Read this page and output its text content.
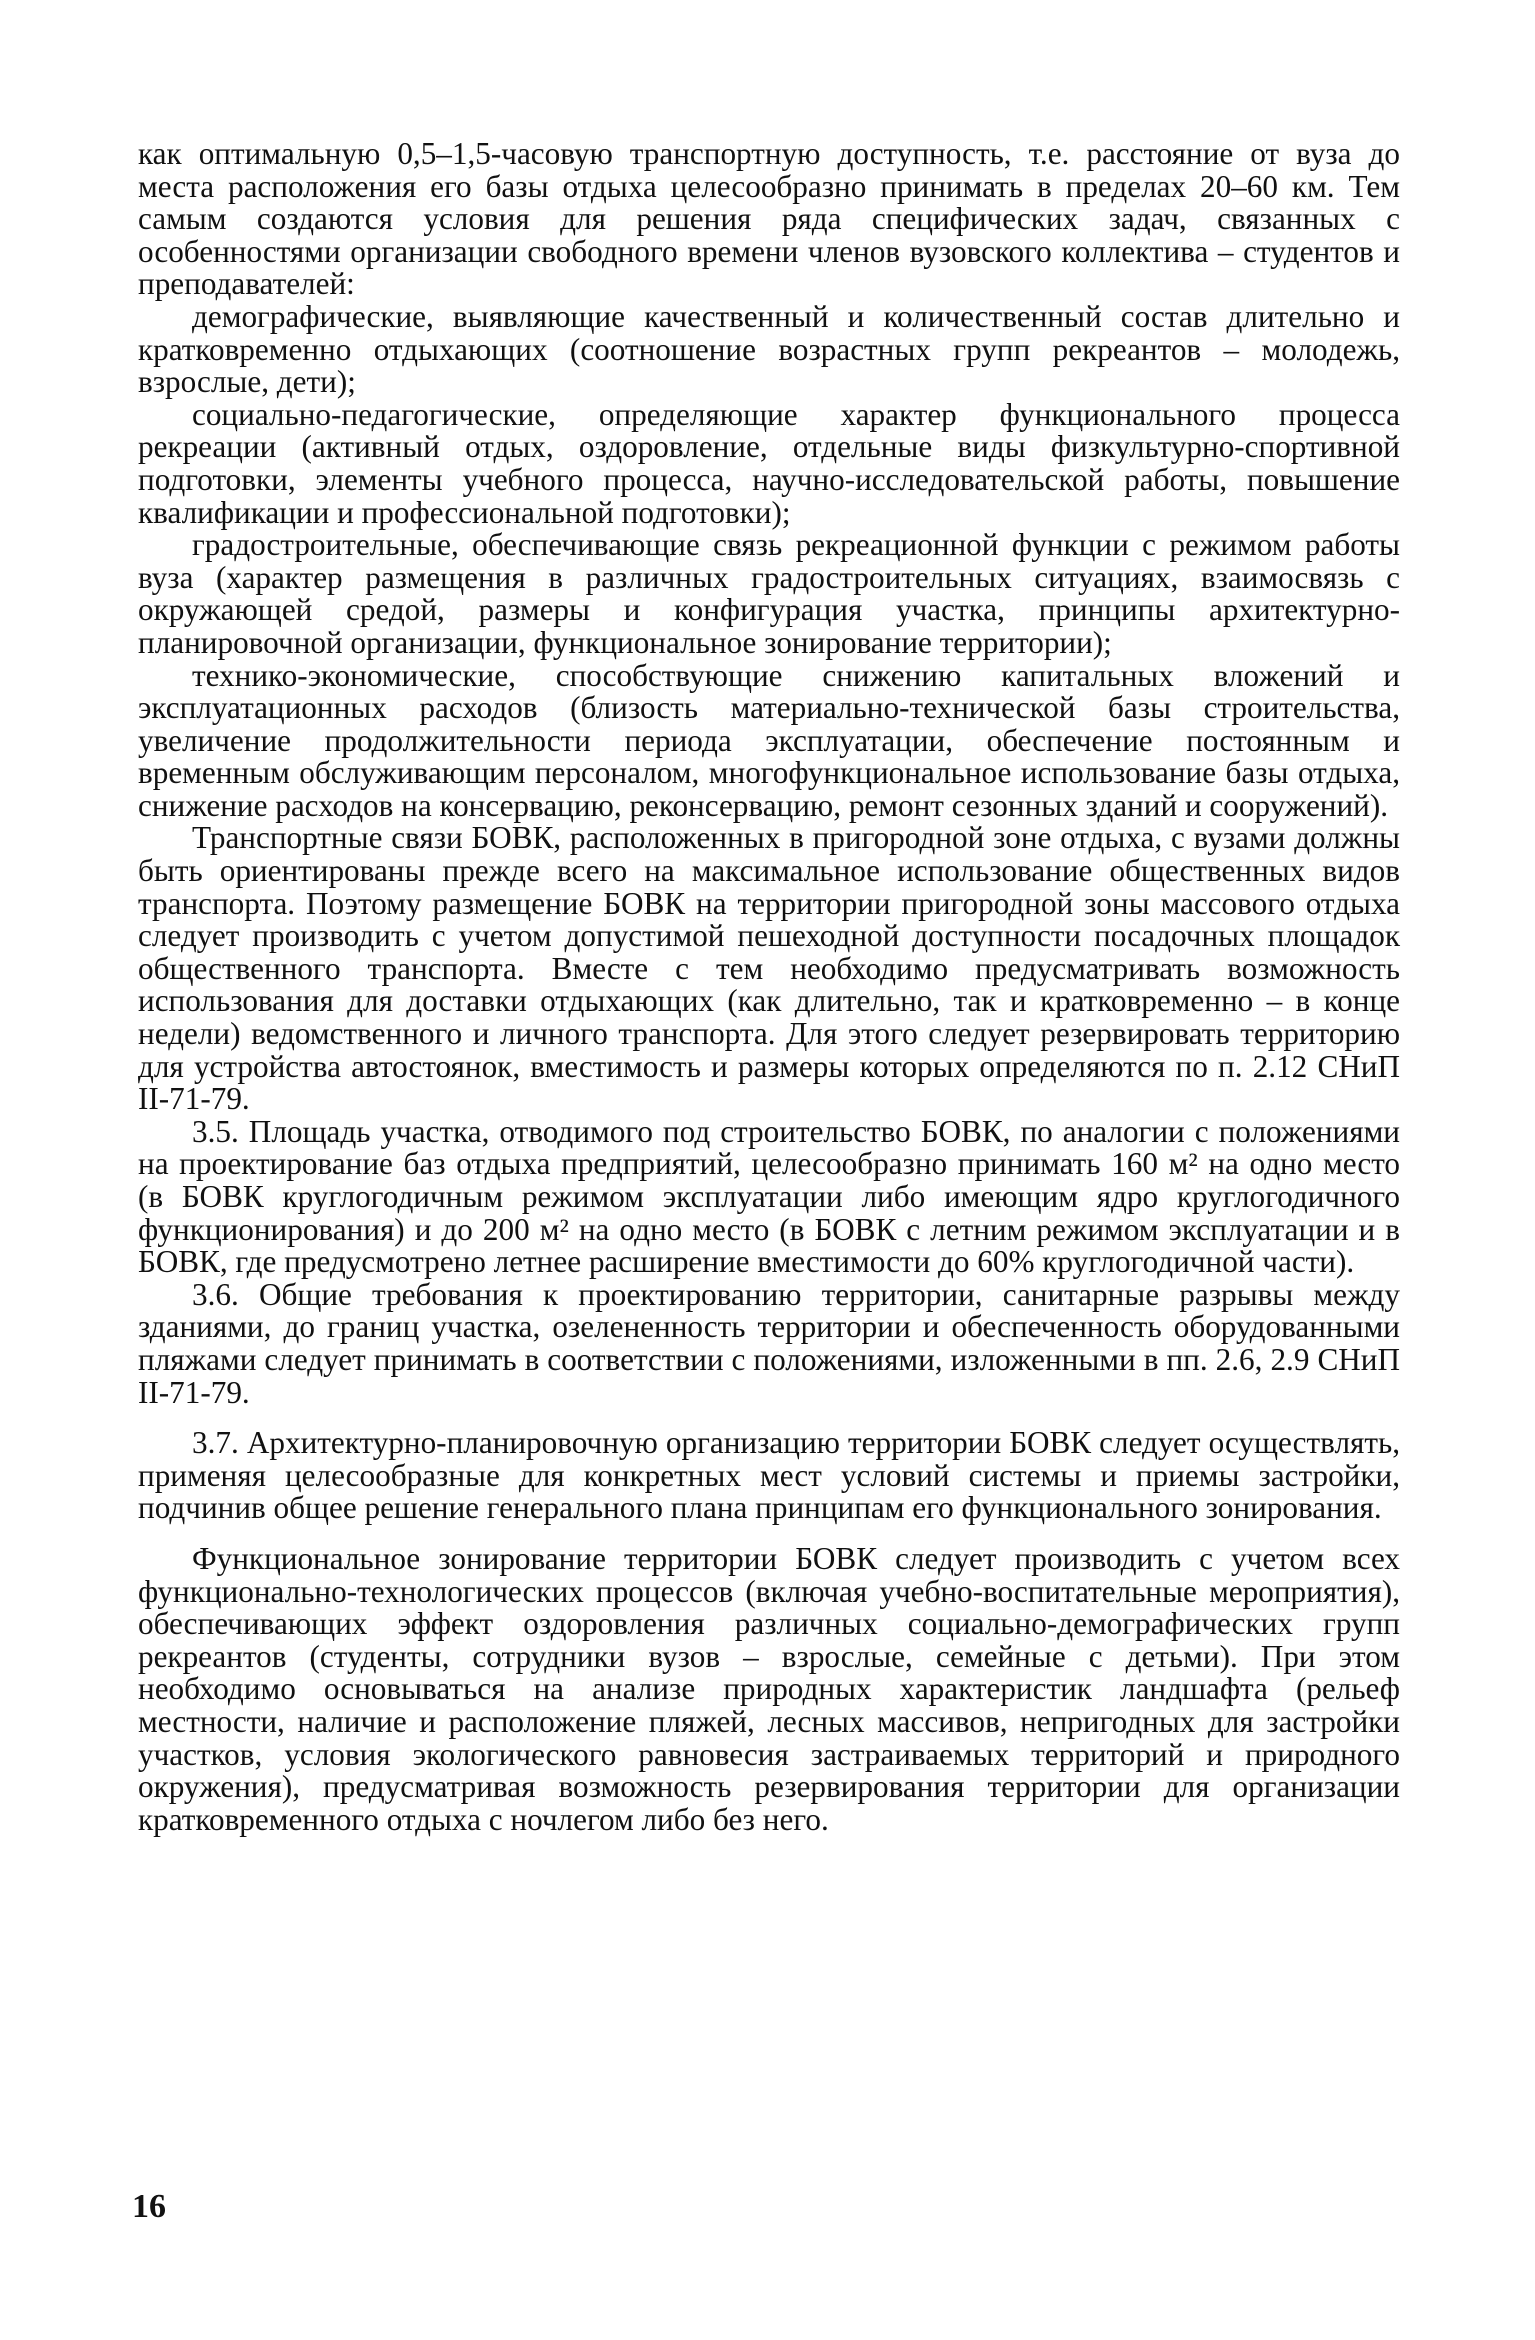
как оптимальную 0,5–1,5-часовую транспортную доступность, т.е. расстояние от вуза до места расположения его базы отдыха целесообразно принимать в пределах 20–60 км. Тем самым создаются условия для решения ряда специфических задач, связанных с особенностями организации свободного времени членов вузовского коллектива – студентов и преподавателей:

демографические, выявляющие качественный и количественный состав длительно и кратковременно отдыхающих (соотношение возрастных групп рекреантов – молодежь, взрослые, дети);

социально-педагогические, определяющие характер функционального процесса рекреации (активный отдых, оздоровление, отдельные виды физкультурно-спортивной подготовки, элементы учебного процесса, научно-исследовательской работы, повышение квалификации и профессиональной подготовки);

градостроительные, обеспечивающие связь рекреационной функции с режимом работы вуза (характер размещения в различных градостроительных ситуациях, взаимосвязь с окружающей средой, размеры и конфигурация участка, принципы архитектурно-планировочной организации, функциональное зонирование территории);

технико-экономические, способствующие снижению капитальных вложений и эксплуатационных расходов (близость материально-технической базы строительства, увеличение продолжительности периода эксплуатации, обеспечение постоянным и временным обслуживающим персоналом, многофункциональное использование базы отдыха, снижение расходов на консервацию, реконсервацию, ремонт сезонных зданий и сооружений).

Транспортные связи БОВК, расположенных в пригородной зоне отдыха, с вузами должны быть ориентированы прежде всего на максимальное использование общественных видов транспорта. Поэтому размещение БОВК на территории пригородной зоны массового отдыха следует производить с учетом допустимой пешеходной доступности посадочных площадок общественного транспорта. Вместе с тем необходимо предусматривать возможность использования для доставки отдыхающих (как длительно, так и кратковременно – в конце недели) ведомственного и личного транспорта. Для этого следует резервировать территорию для устройства автостоянок, вместимость и размеры которых определяются по п. 2.12 СНиП II-71-79.

3.5. Площадь участка, отводимого под строительство БОВК, по аналогии с положениями на проектирование баз отдыха предприятий, целесообразно принимать 160 м² на одно место (в БОВК круглогодичным режимом эксплуатации либо имеющим ядро круглогодичного функционирования) и до 200 м² на одно место (в БОВК с летним режимом эксплуатации и в БОВК, где предусмотрено летнее расширение вместимости до 60% круглогодичной части).

3.6. Общие требования к проектированию территории, санитарные разрывы между зданиями, до границ участка, озелененность территории и обеспеченность оборудованными пляжами следует принимать в соответствии с положениями, изложенными в пп. 2.6, 2.9 СНиП II-71-79.

3.7. Архитектурно-планировочную организацию территории БОВК следует осуществлять, применяя целесообразные для конкретных мест условий системы и приемы застройки, подчинив общее решение генерального плана принципам его функционального зонирования.

Функциональное зонирование территории БОВК следует производить с учетом всех функционально-технологических процессов (включая учебно-воспитательные мероприятия), обеспечивающих эффект оздоровления различных социально-демографических групп рекреантов (студенты, сотрудники вузов – взрослые, семейные с детьми). При этом необходимо основываться на анализе природных характеристик ландшафта (рельеф местности, наличие и расположение пляжей, лесных массивов, непригодных для застройки участков, условия экологического равновесия застраиваемых территорий и природного окружения), предусматривая возможность резервирования территории для организации кратковременного отдыха с ночлегом либо без него.

16
